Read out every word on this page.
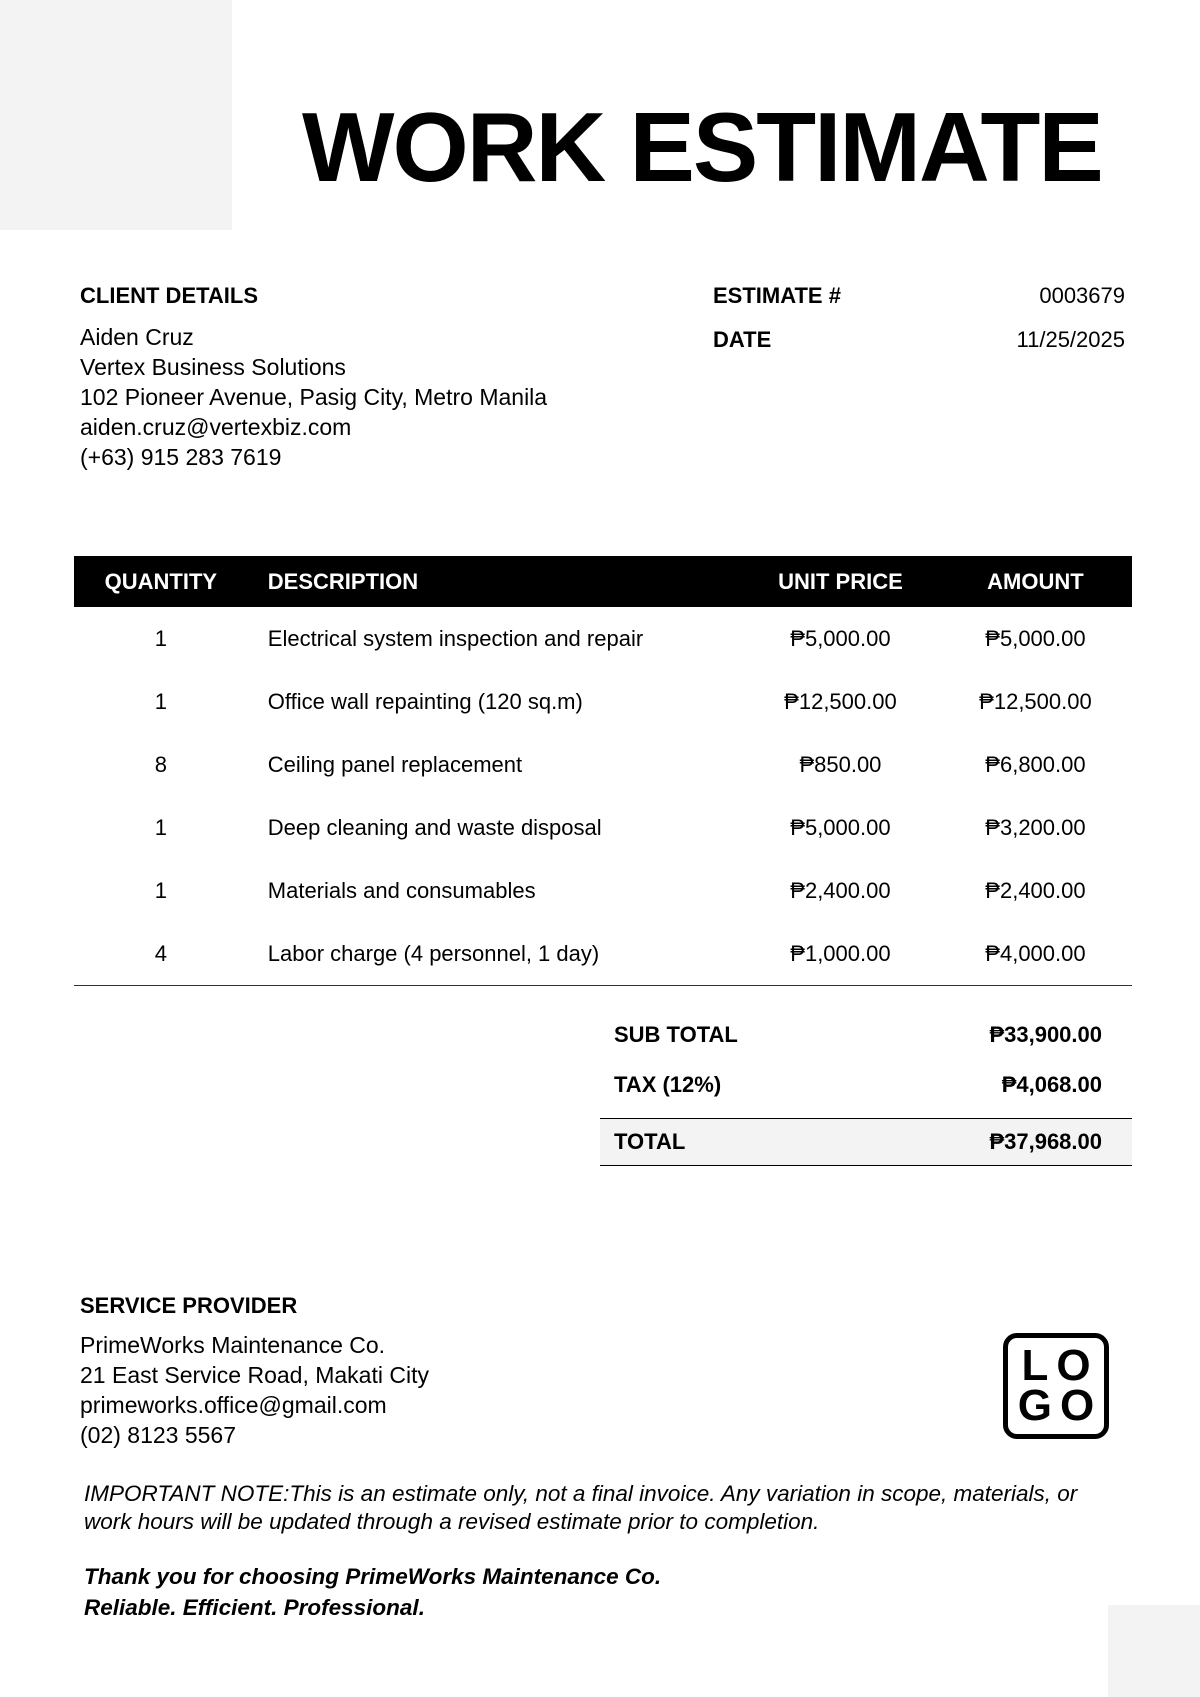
WORK ESTIMATE
CLIENT DETAILS
Aiden Cruz
Vertex Business Solutions
102 Pioneer Avenue, Pasig City, Metro Manila
aiden.cruz@vertexbiz.com
(+63) 915 283 7619
ESTIMATE #	0003679
DATE	11/25/2025
QUANTITY	DESCRIPTION	UNIT PRICE	AMOUNT
1	Electrical system inspection and repair	₱5,000.00	₱5,000.00
1	Office wall repainting (120 sq.m)	₱12,500.00	₱12,500.00
8	Ceiling panel replacement	₱850.00	₱6,800.00
1	Deep cleaning and waste disposal	₱5,000.00	₱3,200.00
1	Materials and consumables	₱2,400.00	₱2,400.00
4	Labor charge (4 personnel, 1 day)	₱1,000.00	₱4,000.00
SUB TOTAL	₱33,900.00
TAX (12%)	₱4,068.00
TOTAL	₱37,968.00
SERVICE PROVIDER
PrimeWorks Maintenance Co.
21 East Service Road, Makati City
primeworks.office@gmail.com
(02) 8123 5567
LO
GO
IMPORTANT NOTE:This is an estimate only, not a final invoice. Any variation in scope, materials, or work hours will be updated through a revised estimate prior to completion.
Thank you for choosing PrimeWorks Maintenance Co.
Reliable. Efficient. Professional.
